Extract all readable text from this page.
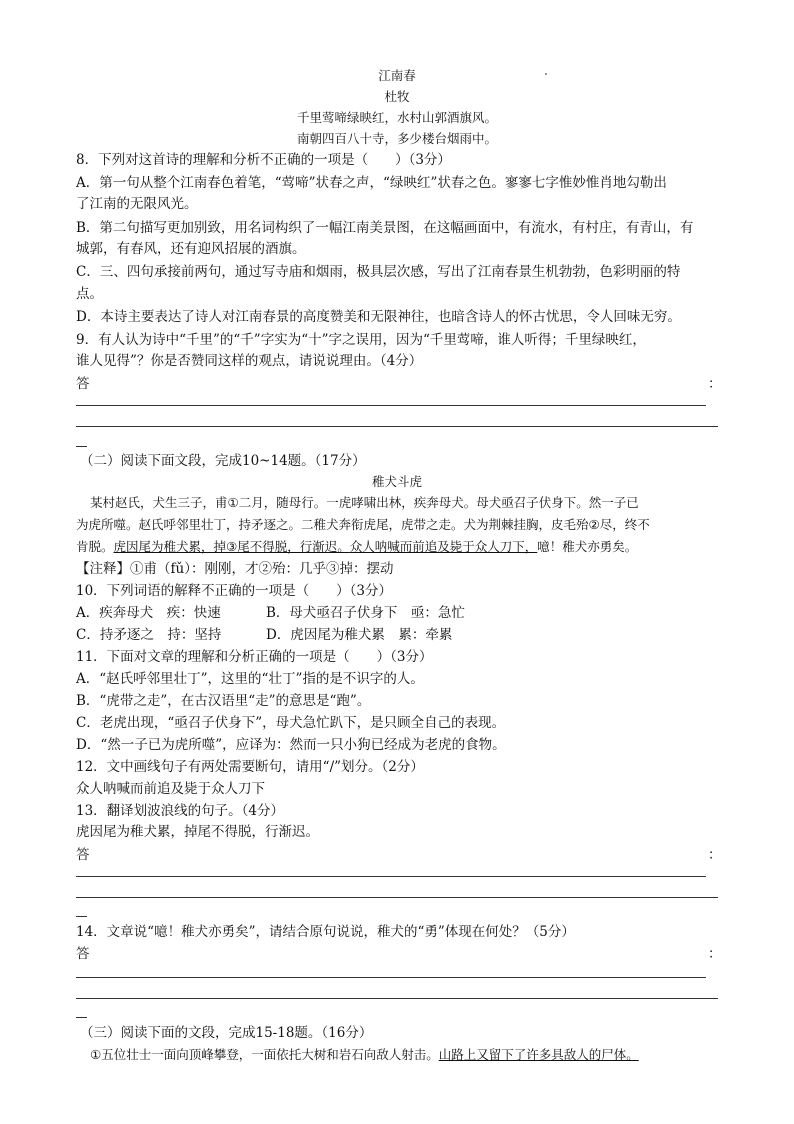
江南春
杜牧
千里莺啼绿映红，水村山郭酒旗风。
南朝四百八十寺，多少楼台烟雨中。
8．下列对这首诗的理解和分析不正确的一项是（　　）（3分）
A．第一句从整个江南春色着笔，“莺啼”状春之声，“绿映红”状春之色。寥寥七字惟妙惟肖地勾勒出
了江南的无限风光。
B．第二句描写更加别致，用名词构织了一幅江南美景图，在这幅画面中，有流水，有村庄，有青山，有
城郭，有春风，还有迎风招展的酒旗。
C．三、四句承接前两句，通过写寺庙和烟雨，极具层次感，写出了江南春景生机勃勃，色彩明丽的特
点。
D．本诗主要表达了诗人对江南春景的高度赞美和无限神往，也暗含诗人的怀古忧思，令人回味无穷。
9．有人认为诗中“千里”的“千”字实为“十”字之误用，因为“千里莺啼，谁人听得；千里绿映红，
谁人见得”？你是否赞同这样的观点，请说说理由。（4分）
答	：
（二）阅读下面文段，完成10~14题。（17分）
稚犬斗虎
某村赵氏，犬生三子，甫①二月，随母行。一虎哮啸出林，疾奔母犬。母犬亟召子伏身下。然一子已
为虎所噬。赵氏呼邻里壮丁，持矛逐之。二稚犬奔衔虎尾，虎带之走。犬为荆棘挂胸，皮毛殆②尽，终不
肯脱。虎因尾为稚犬累，掉③尾不得脱，行渐迟。众人呐喊而前追及毙于众人刀下，噫！稚犬亦勇矣。
【注释】①甫（fǔ）：刚刚，才②殆：几乎③掉：摆动
10．下列词语的解释不正确的一项是（　　）（3分）
A．疾奔母犬　疾：快速	B．母犬亟召子伏身下　亟：急忙
C．持矛逐之　持：坚持	D．虎因尾为稚犬累　累：牵累
11．下面对文章的理解和分析正确的一项是（　　）（3分）
A．“赵氏呼邻里壮丁”，这里的“壮丁”指的是不识字的人。
B．“虎带之走”，在古汉语里“走”的意思是“跑”。
C．老虎出现，“亟召子伏身下”，母犬急忙趴下，是只顾全自己的表现。
D．“然一子已为虎所噬”，应译为：然而一只小狗已经成为老虎的食物。
12．文中画线句子有两处需要断句，请用“/”划分。（2分）
众人呐喊而前追及毙于众人刀下
13．翻译划波浪线的句子。（4分）
虎因尾为稚犬累，掉尾不得脱，行渐迟。
答	：
14．文章说“噫！稚犬亦勇矣”，请结合原句说说，稚犬的“勇”体现在何处？（5分）
答	：
（三）阅读下面的文段，完成15-18题。（16分）
①五位壮士一面向顶峰攀登，一面依托大树和岩石向敌人射击。山路上又留下了许多具敌人的尸体。
